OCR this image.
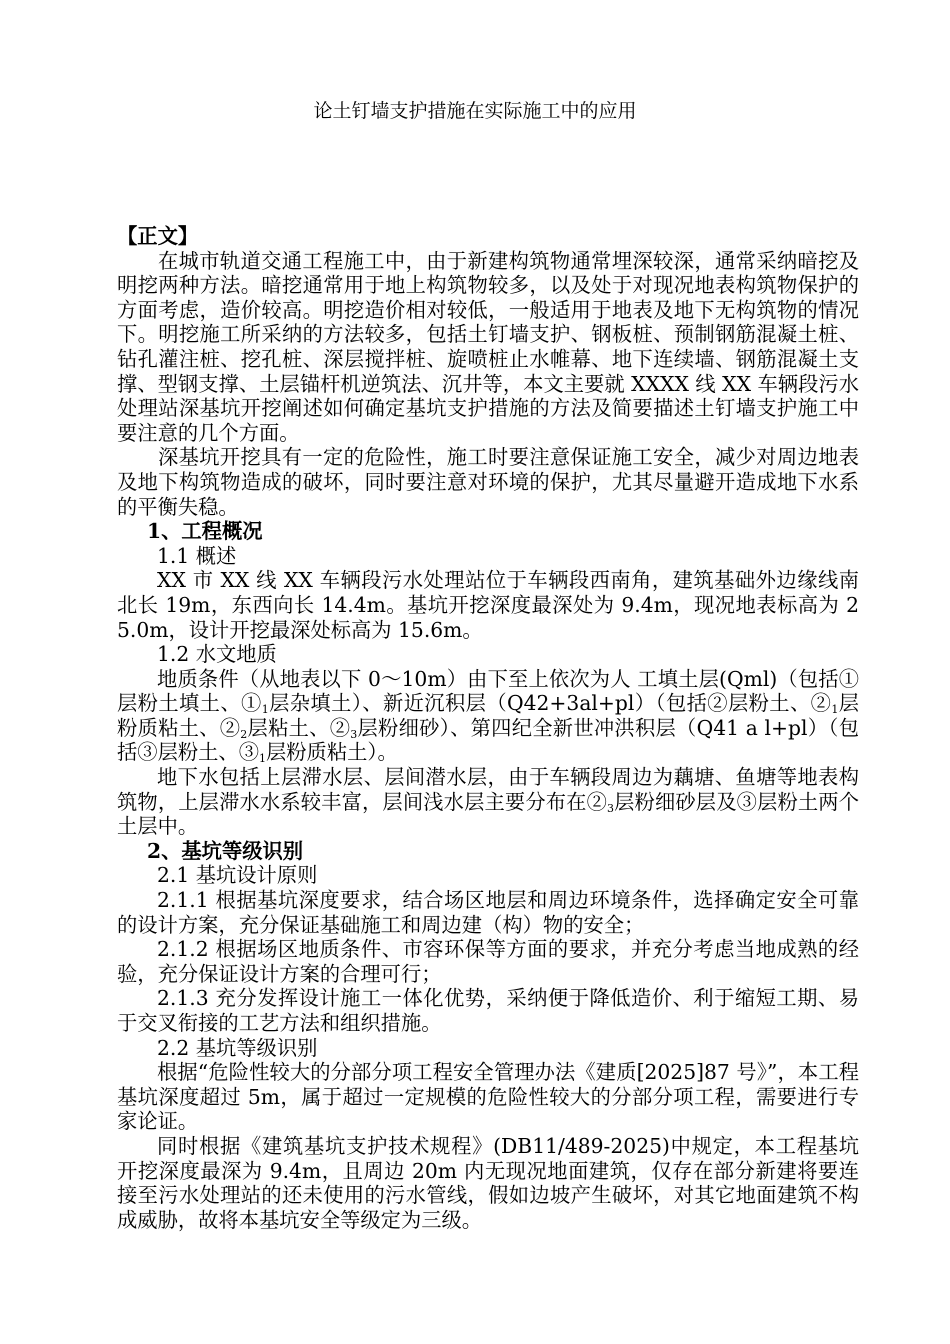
论土钉墙支护措施在实际施工中的应用

【正文】

在城市轨道交通工程施工中，由于新建构筑物通常埋深较深，通常采纳暗挖及明挖两种方法。暗挖通常用于地上构筑物较多，以及处于对现况地表构筑物保护的方面考虑，造价较高。明挖造价相对较低，一般适用于地表及地下无构筑物的情况下。明挖施工所采纳的方法较多，包括土钉墙支护、钢板桩、预制钢筋混凝土桩、钻孔灌注桩、挖孔桩、深层搅拌桩、旋喷桩止水帷幕、地下连续墙、钢筋混凝土支撑、型钢支撑、土层锚杆机逆筑法、沉井等，本文主要就 XXXX 线 XX 车辆段污水处理站深基坑开挖阐述如何确定基坑支护措施的方法及简要描述土钉墙支护施工中要注意的几个方面。

深基坑开挖具有一定的危险性，施工时要注意保证施工安全，减少对周边地表及地下构筑物造成的破坏，同时要注意对环境的保护，尤其尽量避开造成地下水系的平衡失稳。

1、工程概况

1.1 概述

XX 市 XX 线 XX 车辆段污水处理站位于车辆段西南角，建筑基础外边缘线南北长 19m，东西向长 14.4m。基坑开挖深度最深处为 9.4m，现况地表标高为 25.0m，设计开挖最深处标高为 15.6m。

1.2 水文地质

地质条件（从地表以下 0～10m）由下至上依次为人 工填土层(Qml)（包括①层粉土填土、$①_1$层杂填土）、新近沉积层（Q42+3al+pl）（包括②层粉土、$②_1$层粉质粘土、$②_2$层粘土、$②_3$层粉细砂）、第四纪全新世冲洪积层（Q41 a l+pl）（包括③层粉土、$③_1$层粉质粘土）。

地下水包括上层滞水层、层间潜水层，由于车辆段周边为藕塘、鱼塘等地表构筑物，上层滞水水系较丰富，层间浅水层主要分布在$②_3$层粉细砂层及③层粉土两个土层中。

2、基坑等级识别

2.1 基坑设计原则

2.1.1 根据基坑深度要求，结合场区地层和周边环境条件，选择确定安全可靠的设计方案，充分保证基础施工和周边建（构）物的安全；

2.1.2 根据场区地质条件、市容环保等方面的要求，并充分考虑当地成熟的经验，充分保证设计方案的合理可行；

2.1.3 充分发挥设计施工一体化优势，采纳便于降低造价、利于缩短工期、易于交叉衔接的工艺方法和组织措施。

2.2 基坑等级识别

根据“危险性较大的分部分项工程安全管理办法《建质[2025]87 号》”，本工程基坑深度超过 5m，属于超过一定规模的危险性较大的分部分项工程，需要进行专家论证。

同时根据《建筑基坑支护技术规程》(DB11/489-2025)中规定，本工程基坑开挖深度最深为 9.4m，且周边 20m 内无现况地面建筑，仅存在部分新建将要连接至污水处理站的还未使用的污水管线，假如边坡产生破坏，对其它地面建筑不构成威胁，故将本基坑安全等级定为三级。
